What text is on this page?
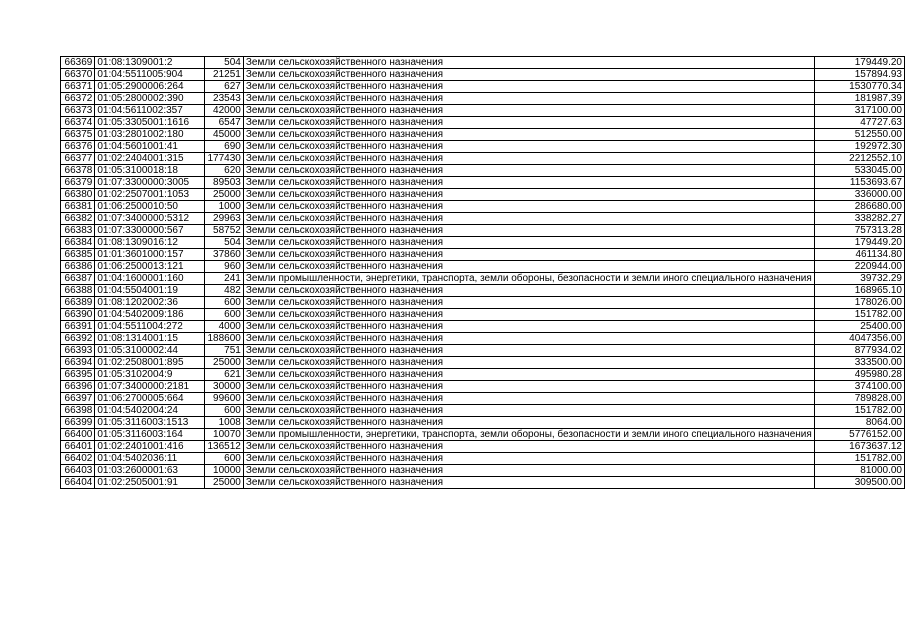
66369	01:08:1309001:2	504	Земли сельскохозяйственного назначения	179449.20
66370	01:04:5511005:904	21251	Земли сельскохозяйственного назначения	157894.93
66371	01:05:2900006:264	627	Земли сельскохозяйственного назначения	1530770.34
66372	01:05:2800002:390	23543	Земли сельскохозяйственного назначения	181987.39
66373	01:04:5611002:357	42000	Земли сельскохозяйственного назначения	317100.00
66374	01:05:3305001:1616	6547	Земли сельскохозяйственного назначения	47727.63
66375	01:03:2801002:180	45000	Земли сельскохозяйственного назначения	512550.00
66376	01:04:5601001:41	690	Земли сельскохозяйственного назначения	192972.30
66377	01:02:2404001:315	177430	Земли сельскохозяйственного назначения	2212552.10
66378	01:05:3100018:18	620	Земли сельскохозяйственного назначения	533045.00
66379	01:07:3300000:3005	89503	Земли сельскохозяйственного назначения	1153693.67
66380	01:02:2507001:1053	25000	Земли сельскохозяйственного назначения	336000.00
66381	01:06:2500010:50	1000	Земли сельскохозяйственного назначения	286680.00
66382	01:07:3400000:5312	29963	Земли сельскохозяйственного назначения	338282.27
66383	01:07:3300000:567	58752	Земли сельскохозяйственного назначения	757313.28
66384	01:08:1309016:12	504	Земли сельскохозяйственного назначения	179449.20
66385	01:01:3601000:157	37860	Земли сельскохозяйственного назначения	461134.80
66386	01:06:2500013:121	960	Земли сельскохозяйственного назначения	220944.00
66387	01:04:1600001:160	241	Земли промышленности, энергетики, транспорта, земли обороны, безопасности и земли иного специального назначения	39732.29
66388	01:04:5504001:19	482	Земли сельскохозяйственного назначения	168965.10
66389	01:08:1202002:36	600	Земли сельскохозяйственного назначения	178026.00
66390	01:04:5402009:186	600	Земли сельскохозяйственного назначения	151782.00
66391	01:04:5511004:272	4000	Земли сельскохозяйственного назначения	25400.00
66392	01:08:1314001:15	188600	Земли сельскохозяйственного назначения	4047356.00
66393	01:05:3100002:44	751	Земли сельскохозяйственного назначения	877934.02
66394	01:02:2508001:895	25000	Земли сельскохозяйственного назначения	333500.00
66395	01:05:3102004:9	621	Земли сельскохозяйственного назначения	495980.28
66396	01:07:3400000:2181	30000	Земли сельскохозяйственного назначения	374100.00
66397	01:06:2700005:664	99600	Земли сельскохозяйственного назначения	789828.00
66398	01:04:5402004:24	600	Земли сельскохозяйственного назначения	151782.00
66399	01:05:3116003:1513	1008	Земли сельскохозяйственного назначения	8064.00
66400	01:05:3116003:164	10070	Земли промышленности, энергетики, транспорта, земли обороны, безопасности и земли иного специального назначения	5776152.00
66401	01:02:2401001:416	136512	Земли сельскохозяйственного назначения	1673637.12
66402	01:04:5402036:11	600	Земли сельскохозяйственного назначения	151782.00
66403	01:03:2600001:63	10000	Земли сельскохозяйственного назначения	81000.00
66404	01:02:2505001:91	25000	Земли сельскохозяйственного назначения	309500.00
